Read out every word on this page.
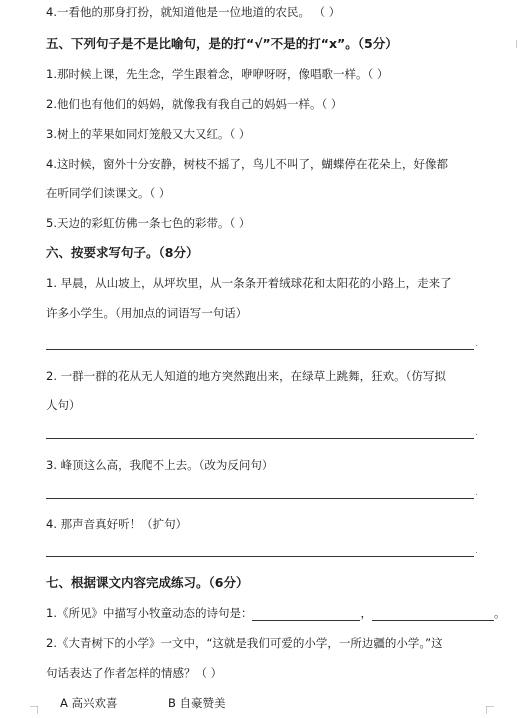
4.一看他的那身打扮，就知道他是一位地道的农民。 （ ）
五、下列句子是不是比喻句，是的打“√”不是的打“x”。（5分）
1.那时候上课，先生念，学生跟着念，咿咿呀呀，像唱歌一样。（ ）
2.他们也有他们的妈妈，就像我有我自己的妈妈一样。（ ）
3.树上的苹果如同灯笼般又大又红。（ ）
4.这时候，窗外十分安静，树枝不摇了，鸟儿不叫了，蝴蝶停在花朵上，好像都
在听同学们读课文。（ ）
5.天边的彩虹仿佛一条七色的彩带。（ ）
六、按要求写句子。（8分）
1. 早晨，从山坡上，从坪坎里，从一条条开着绒球花和太阳花的小路上，走来了
许多小学生。（用加点的词语写一句话）
.
2. 一群一群的花从无人知道的地方突然跑出来，在绿草上跳舞，狂欢。（仿写拟
人句）
.
3. 峰顶这么高，我爬不上去。（改为反问句）
.
4. 那声音真好听！（扩句）
.
七、根据课文内容完成练习。（6分）
1.《所见》中描写小牧童动态的诗句是：	，	。
2.《大青树下的小学》一文中，“这就是我们可爱的小学，一所边疆的小学。”这
句话表达了作者怎样的情感？（ ）
A 高兴欢喜	B 自豪赞美
